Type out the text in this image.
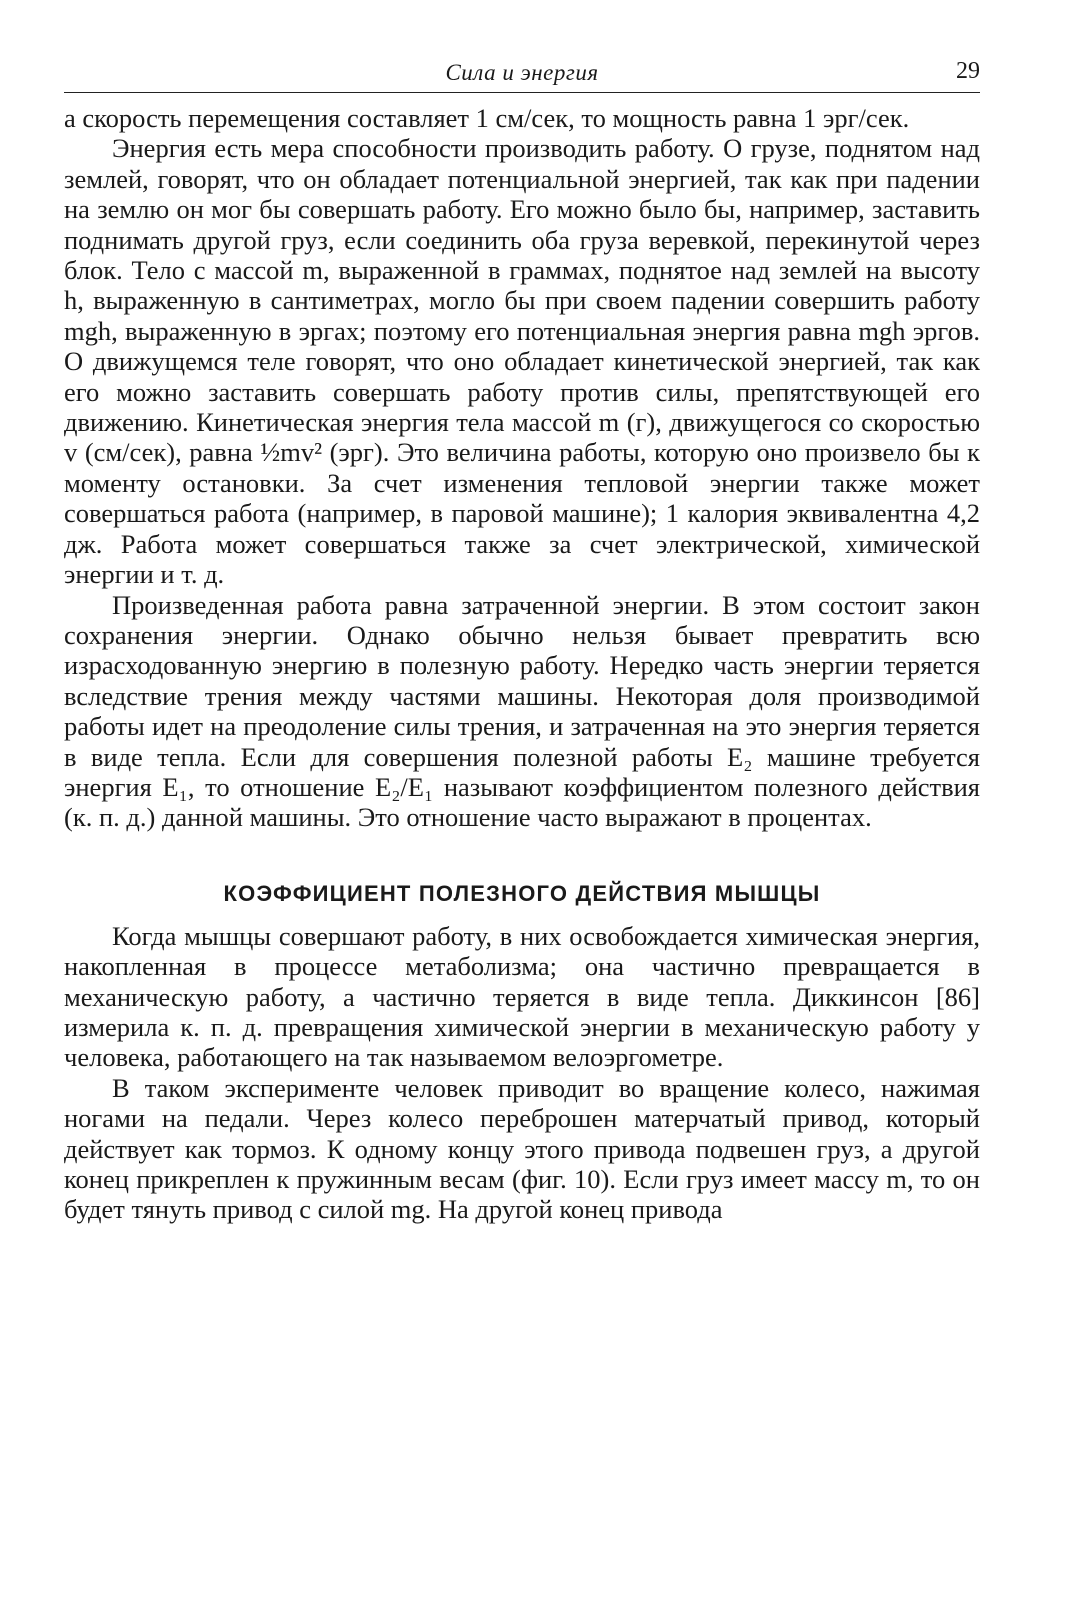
Сила и энергия	29

а скорость перемещения составляет 1 см/сек, то мощность равна 1 эрг/сек.

Энергия есть мера способности производить работу. О грузе, поднятом над землей, говорят, что он обладает потенциальной энергией, так как при падении на землю он мог бы совершать работу. Его можно было бы, например, заставить поднимать другой груз, если соединить оба груза веревкой, перекинутой через блок. Тело с массой m, выраженной в граммах, поднятое над землей на высоту h, выраженную в сантиметрах, могло бы при своем падении совершить работу mgh, выраженную в эргах; поэтому его потенциальная энергия равна mgh эргов. О движущемся теле говорят, что оно обладает кинетической энергией, так как его можно заставить совершать работу против силы, препятствующей его движению. Кинетическая энергия тела массой m (г), движущегося со скоростью v (см/сек), равна ½mv² (эрг). Это величина работы, которую оно произвело бы к моменту остановки. За счет изменения тепловой энергии также может совершаться работа (например, в паровой машине); 1 калория эквивалентна 4,2 дж. Работа может совершаться также за счет электрической, химической энергии и т. д.

Произведенная работа равна затраченной энергии. В этом состоит закон сохранения энергии. Однако обычно нельзя бывает превратить всю израсходованную энергию в полезную работу. Нередко часть энергии теряется вследствие трения между частями машины. Некоторая доля производимой работы идет на преодоление силы трения, и затраченная на это энергия теряется в виде тепла. Если для совершения полезной работы E₂ машине требуется энергия E₁, то отношение E₂/E₁ называют коэффициентом полезного действия (к. п. д.) данной машины. Это отношение часто выражают в процентах.

КОЭФФИЦИЕНТ ПОЛЕЗНОГО ДЕЙСТВИЯ МЫШЦЫ

Когда мышцы совершают работу, в них освобождается химическая энергия, накопленная в процессе метаболизма; она частично превращается в механическую работу, а частично теряется в виде тепла. Диккинсон [86] измерила к. п. д. превращения химической энергии в механическую работу у человека, работающего на так называемом велоэргометре.

В таком эксперименте человек приводит во вращение колесо, нажимая ногами на педали. Через колесо переброшен матерчатый привод, который действует как тормоз. К одному концу этого привода подвешен груз, а другой конец прикреплен к пружинным весам (фиг. 10). Если груз имеет массу m, то он будет тянуть привод с силой mg. На другой конец привода
